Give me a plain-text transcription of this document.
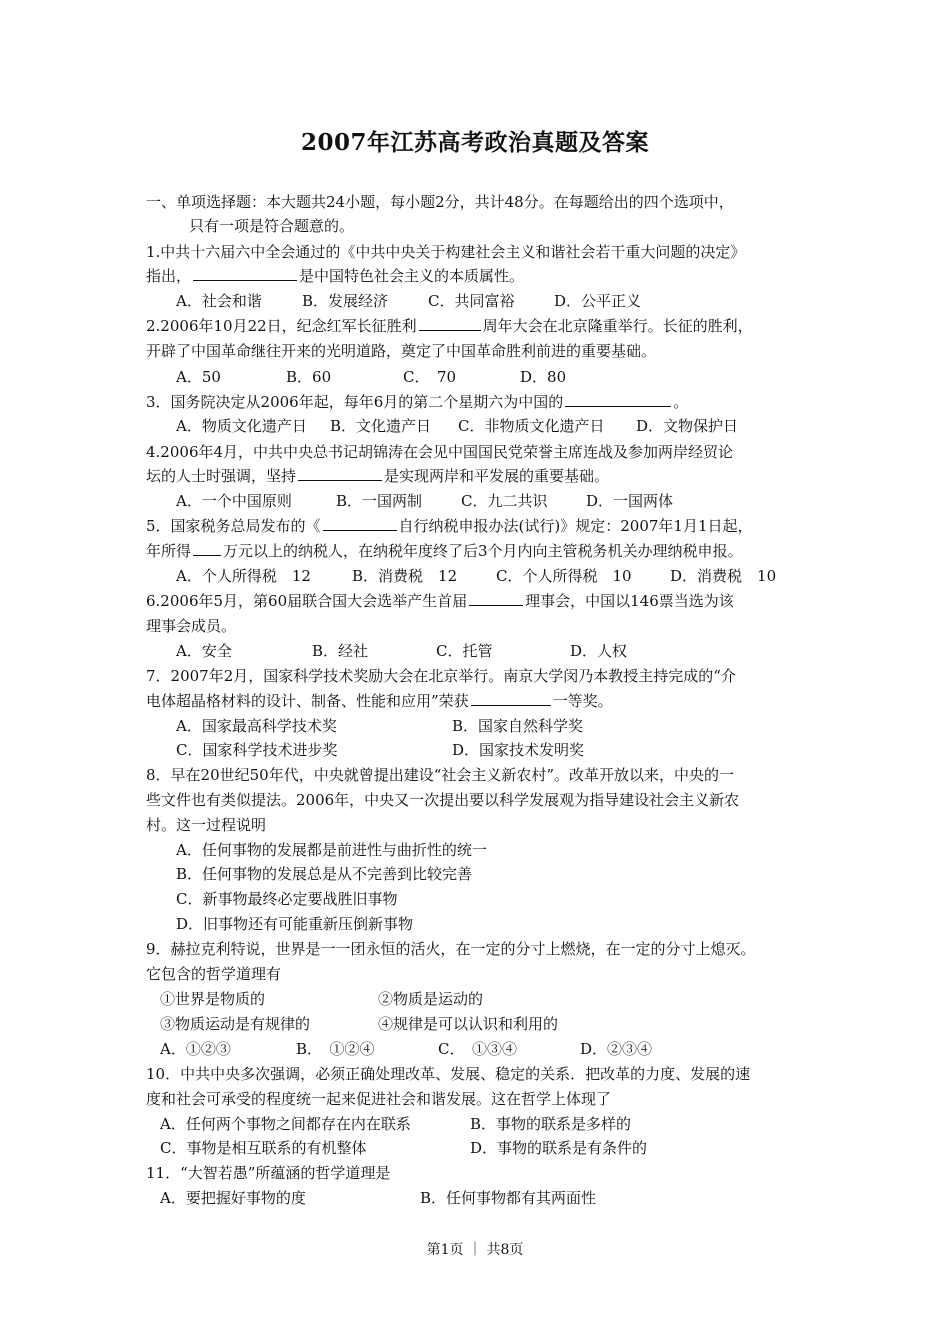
2007年江苏高考政治真题及答案
一、单项选择题：本大题共24小题，每小题2分，共计48分。在每题给出的四个选项中，
只有一项是符合题意的。
1.中共十六届六中全会通过的《中共中央关于构建社会主义和谐社会若干重大问题的决定》
指出，	是中国特色社会主义的本质属性。
A．社会和谐	B．发展经济	C．共同富裕	D．公平正义
2.2006年10月22日，纪念红军长征胜利	周年大会在北京隆重举行。长征的胜利，
开辟了中国革命继往开来的光明道路，奠定了中国革命胜利前进的重要基础。
A．50	B．60	C．　70	D．80
3．国务院决定从2006年起，每年6月的第二个星期六为中国的	。
A．物质文化遗产日 B．文化遗产日 C．非物质文化遗产日 D．文物保护日
4.2006年4月，中共中央总书记胡锦涛在会见中国国民党荣誉主席连战及参加两岸经贸论
坛的人士时强调，坚持	是实现两岸和平发展的重要基础。
A．一个中国原则	B．一国两制	C．九二共识	D．一国两体
5．国家税务总局发布的《	自行纳税申报办法(试行)》规定：2007年1月1日起，
年所得 万元以上的纳税人，在纳税年度终了后3个月内向主管税务机关办理纳税申报。
A．个人所得税　12	B．消费税　12	C．个人所得税　10	D．消费税　10
6.2006年5月，第60届联合国大会选举产生首届	理事会，中国以146票当选为该
理事会成员。
A．安全	B．经社	C．托管	D．人权
7．2007年2月，国家科学技术奖励大会在北京举行。南京大学闵乃本教授主持完成的“介
电体超晶格材料的设计、制备、性能和应用”荣获	一等奖。
A．国家最高科学技术奖	B．国家自然科学奖
C．国家科学技术进步奖	D．国家技术发明奖
8．早在20世纪50年代，中央就曾提出建设“社会主义新农村”。改革开放以来，中央的一
些文件也有类似提法。2006年，中央又一次提出要以科学发展观为指导建设社会主义新农
村。这一过程说明
A．任何事物的发展都是前进性与曲折性的统一
B．任何事物的发展总是从不完善到比较完善
C．新事物最终必定要战胜旧事物
D．旧事物还有可能重新压倒新事物
9．赫拉克利特说，世界是一一团永恒的活火，在一定的分寸上燃烧，在一定的分寸上熄灭。
它包含的哲学道理有
①世界是物质的	②物质是运动的
③物质运动是有规律的	④规律是可以认识和利用的
A．①②③	B．　①②④	C．　①③④	D．②③④
10．中共中央多次强调，必须正确处理改革、发展、稳定的关系．把改革的力度、发展的速
度和社会可承受的程度统一起来促进社会和谐发展。这在哲学上体现了
A．任何两个事物之间都存在内在联系	B．事物的联系是多样的
C．事物是相互联系的有机整体	D．事物的联系是有条件的
11．“大智若愚”所蕴涵的哲学道理是
A．要把握好事物的度	B．任何事物都有其两面性
第1页 ｜ 共8页
